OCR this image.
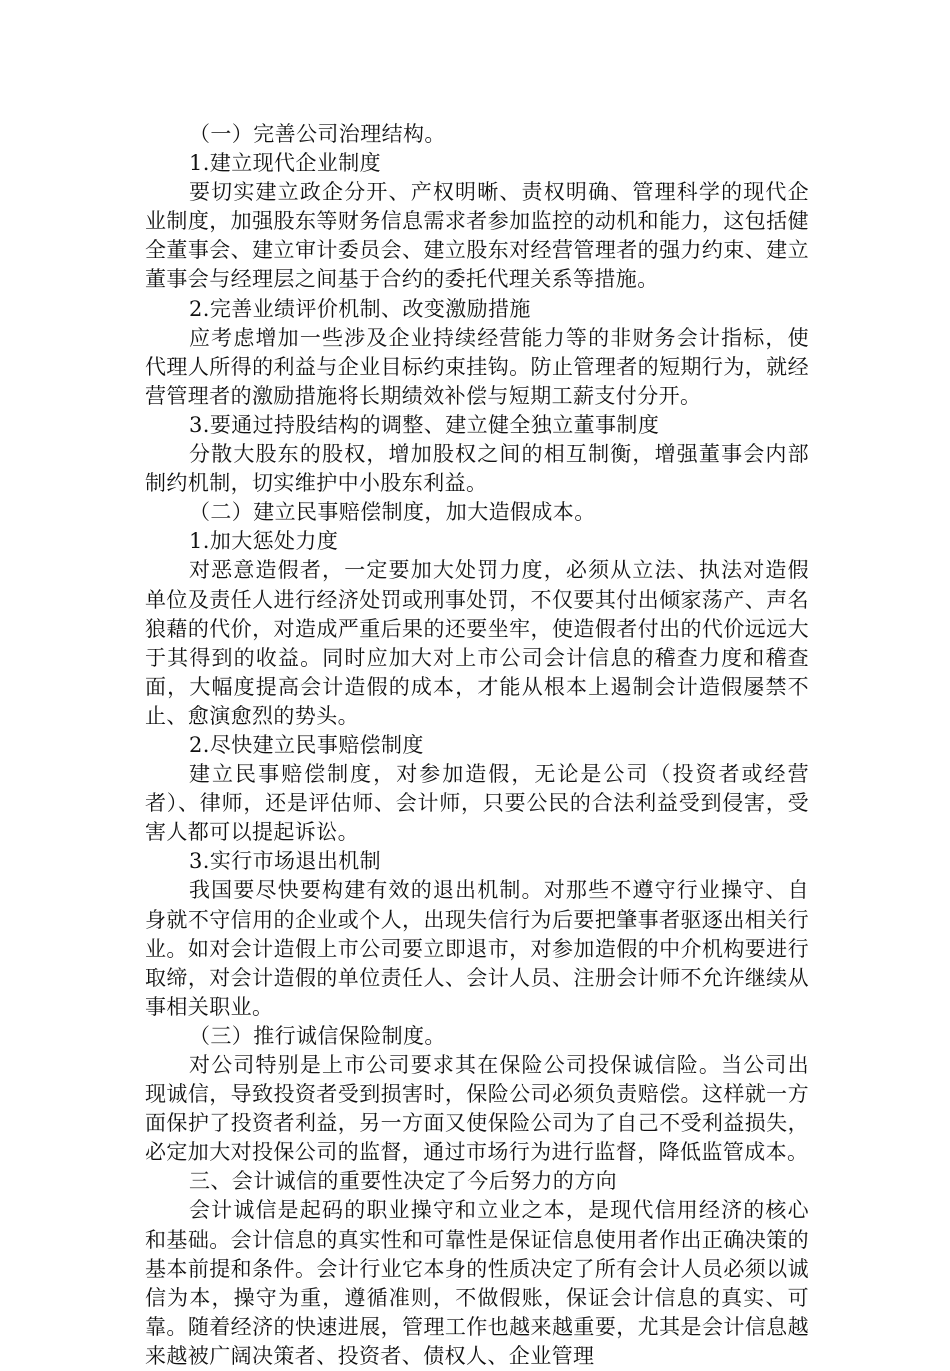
（一）完善公司治理结构。

1.建立现代企业制度

要切实建立政企分开、产权明晰、责权明确、管理科学的现代企业制度，加强股东等财务信息需求者参加监控的动机和能力，这包括健全董事会、建立审计委员会、建立股东对经营管理者的强力约束、建立董事会与经理层之间基于合约的委托代理关系等措施。

2.完善业绩评价机制、改变激励措施

应考虑增加一些涉及企业持续经营能力等的非财务会计指标，使代理人所得的利益与企业目标约束挂钩。防止管理者的短期行为，就经营管理者的激励措施将长期绩效补偿与短期工薪支付分开。

3.要通过持股结构的调整、建立健全独立董事制度

分散大股东的股权，增加股权之间的相互制衡，增强董事会内部制约机制，切实维护中小股东利益。

（二）建立民事赔偿制度，加大造假成本。

1.加大惩处力度

对恶意造假者，一定要加大处罚力度，必须从立法、执法对造假单位及责任人进行经济处罚或刑事处罚，不仅要其付出倾家荡产、声名狼藉的代价，对造成严重后果的还要坐牢，使造假者付出的代价远远大于其得到的收益。同时应加大对上市公司会计信息的稽查力度和稽查面，大幅度提高会计造假的成本，才能从根本上遏制会计造假屡禁不止、愈演愈烈的势头。

2.尽快建立民事赔偿制度

建立民事赔偿制度，对参加造假，无论是公司（投资者或经营者）、律师，还是评估师、会计师，只要公民的合法利益受到侵害，受害人都可以提起诉讼。

3.实行市场退出机制

我国要尽快要构建有效的退出机制。对那些不遵守行业操守、自身就不守信用的企业或个人，出现失信行为后要把肇事者驱逐出相关行业。如对会计造假上市公司要立即退市，对参加造假的中介机构要进行取缔，对会计造假的单位责任人、会计人员、注册会计师不允许继续从事相关职业。

（三）推行诚信保险制度。

对公司特别是上市公司要求其在保险公司投保诚信险。当公司出现诚信，导致投资者受到损害时，保险公司必须负责赔偿。这样就一方面保护了投资者利益，另一方面又使保险公司为了自己不受利益损失，必定加大对投保公司的监督，通过市场行为进行监督，降低监管成本。

三、会计诚信的重要性决定了今后努力的方向

会计诚信是起码的职业操守和立业之本，是现代信用经济的核心和基础。会计信息的真实性和可靠性是保证信息使用者作出正确决策的基本前提和条件。会计行业它本身的性质决定了所有会计人员必须以诚信为本，操守为重，遵循准则，不做假账，保证会计信息的真实、可靠。随着经济的快速进展，管理工作也越来越重要，尤其是会计信息越来越被广阔决策者、投资者、债权人、企业管理
